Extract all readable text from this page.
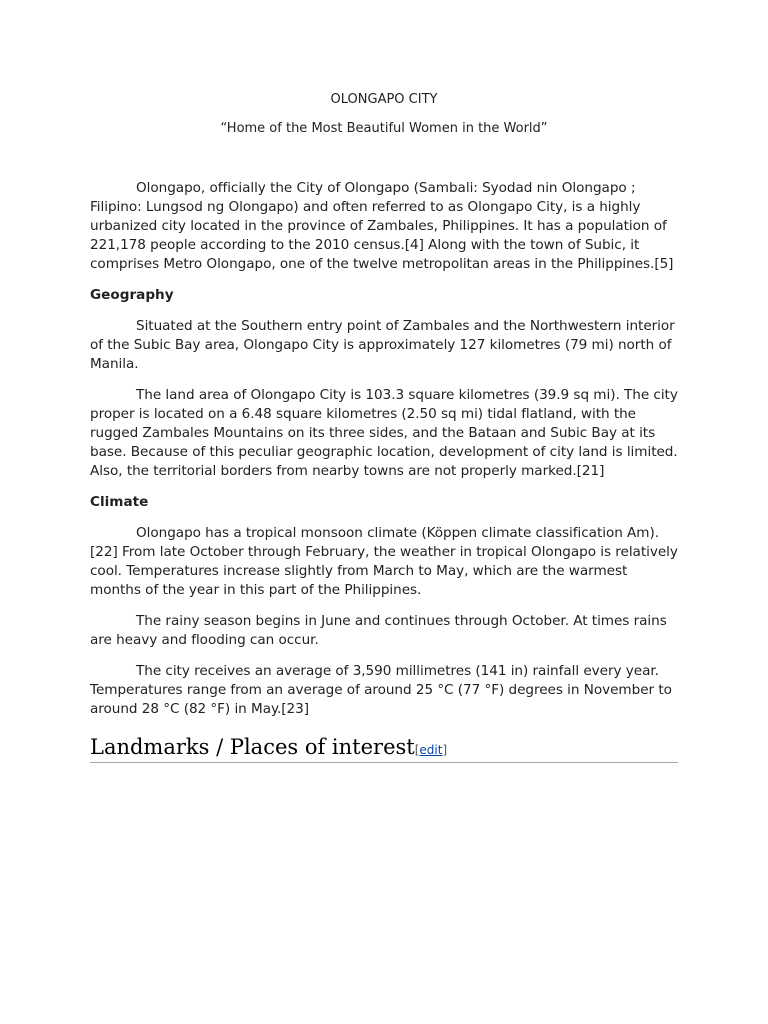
OLONGAPO CITY
“Home of the Most Beautiful Women in the World”

Olongapo, officially the City of Olongapo (Sambali: Syodad nin Olongapo ; Filipino: Lungsod ng Olongapo) and often referred to as Olongapo City, is a highly urbanized city located in the province of Zambales, Philippines. It has a population of 221,178 people according to the 2010 census.[4] Along with the town of Subic, it comprises Metro Olongapo, one of the twelve metropolitan areas in the Philippines.[5]

Geography

Situated at the Southern entry point of Zambales and the Northwestern interior of the Subic Bay area, Olongapo City is approximately 127 kilometres (79 mi) north of Manila.

The land area of Olongapo City is 103.3 square kilometres (39.9 sq mi). The city proper is located on a 6.48 square kilometres (2.50 sq mi) tidal flatland, with the rugged Zambales Mountains on its three sides, and the Bataan and Subic Bay at its base. Because of this peculiar geographic location, development of city land is limited. Also, the territorial borders from nearby towns are not properly marked.[21]

Climate

Olongapo has a tropical monsoon climate (Köppen climate classification Am).[22] From late October through February, the weather in tropical Olongapo is relatively cool. Temperatures increase slightly from March to May, which are the warmest months of the year in this part of the Philippines.

The rainy season begins in June and continues through October. At times rains are heavy and flooding can occur.

The city receives an average of 3,590 millimetres (141 in) rainfall every year. Temperatures range from an average of around 25 °C (77 °F) degrees in November to around 28 °C (82 °F) in May.[23]

Landmarks / Places of interest[edit]
